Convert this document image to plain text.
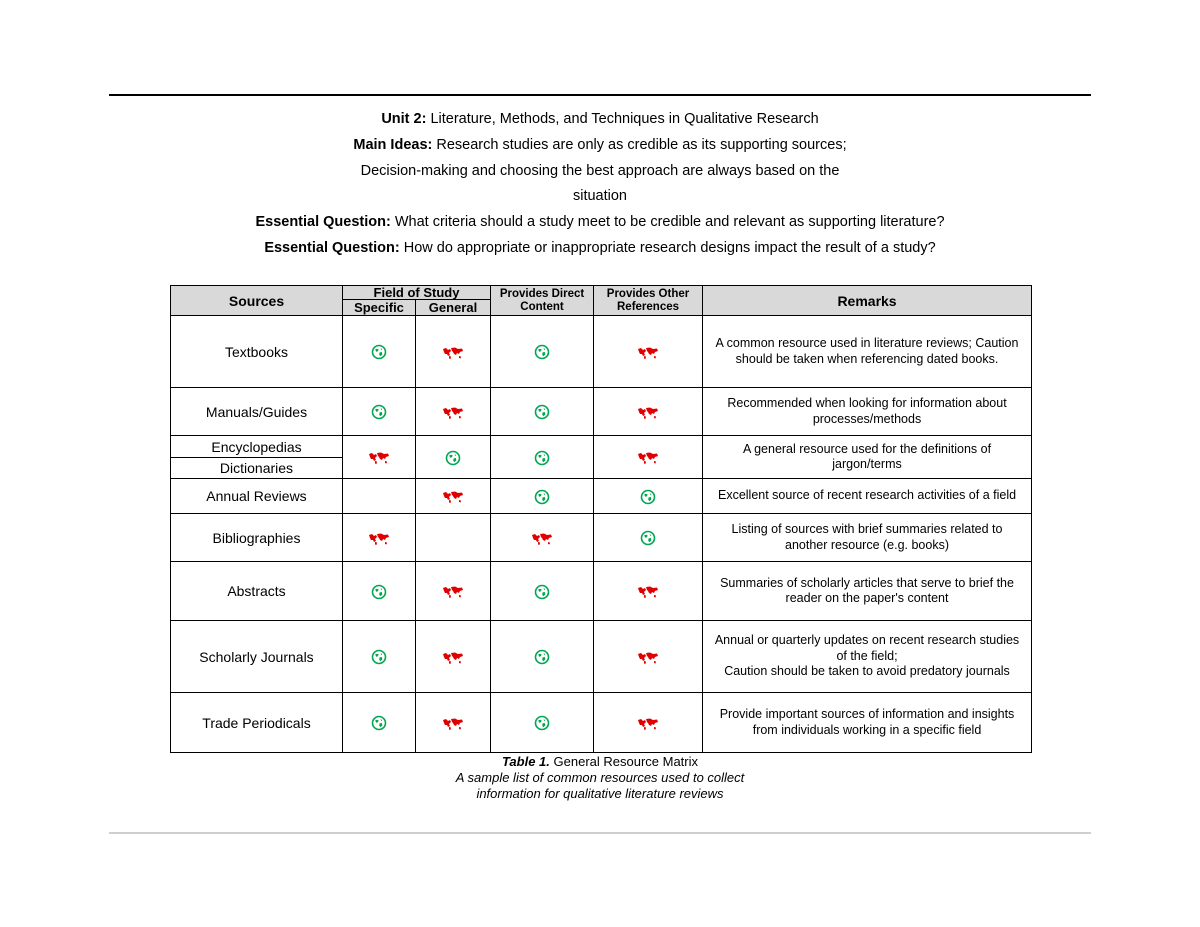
Unit 2: Literature, Methods, and Techniques in Qualitative Research
Main Ideas: Research studies are only as credible as its supporting sources;
Decision-making and choosing the best approach are always based on the
situation
Essential Question: What criteria should a study meet to be credible and relevant as supporting literature?
Essential Question: How do appropriate or inappropriate research designs impact the result of a study?
Sources	Field of Study		Provides Direct Content	Provides Other References	Remarks
	Specific	General			
Textbooks					A common resource used in literature reviews; Caution should be taken when referencing dated books.

Manuals/Guides					Recommended when looking for information about processes/methods

Encyclopedias
Dictionaries					A general resource used for the definitions of jargon/terms

Annual Reviews					Excellent source of recent research activities of a field

Bibliographies					Listing of sources with brief summaries related to another resource (e.g. books)

Abstracts					Summaries of scholarly articles that serve to brief the reader on the paper's content

Scholarly Journals					Annual or quarterly updates on recent research studies of the field;
Caution should be taken to avoid predatory journals

Trade Periodicals					Provide important sources of information and insights from individuals working in a specific field
Table 1. General Resource Matrix
A sample list of common resources used to collect
information for qualitative literature reviews
